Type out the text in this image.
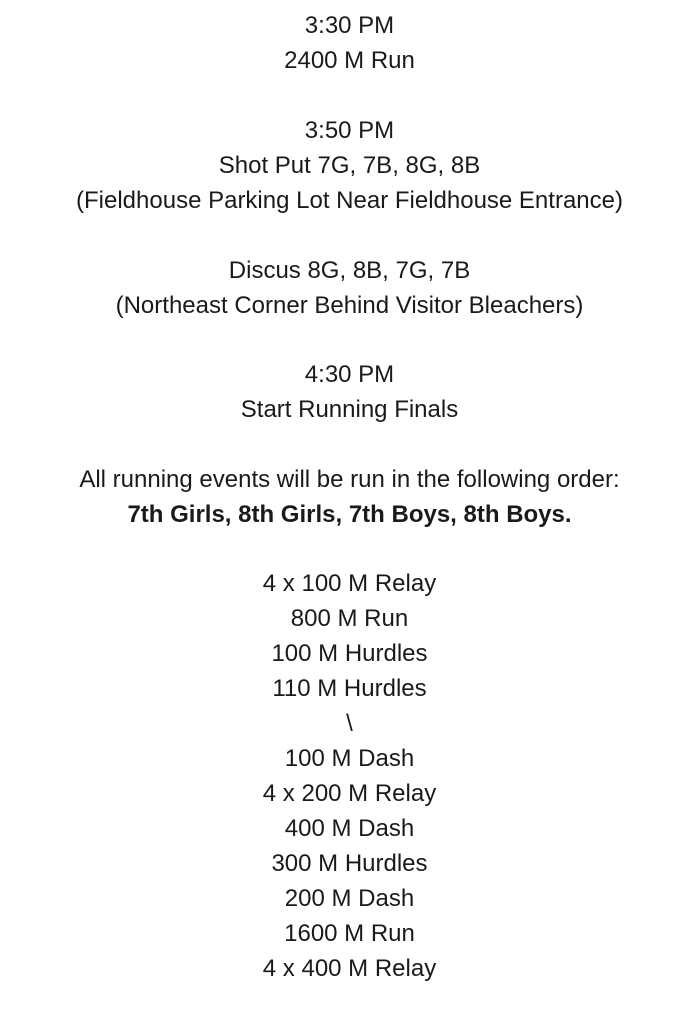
3:30 PM
2400 M Run
3:50 PM
Shot Put 7G, 7B, 8G, 8B
(Fieldhouse Parking Lot Near Fieldhouse Entrance)
Discus 8G, 8B, 7G, 7B
(Northeast Corner Behind Visitor Bleachers)
4:30 PM
Start Running Finals
All running events will be run in the following order:
7th Girls, 8th Girls, 7th Boys, 8th Boys.
4 x 100 M Relay
800 M Run
100 M Hurdles
110 M Hurdles
\
100 M Dash
4 x 200 M Relay
400 M Dash
300 M Hurdles
200 M Dash
1600 M Run
4 x 400 M Relay
